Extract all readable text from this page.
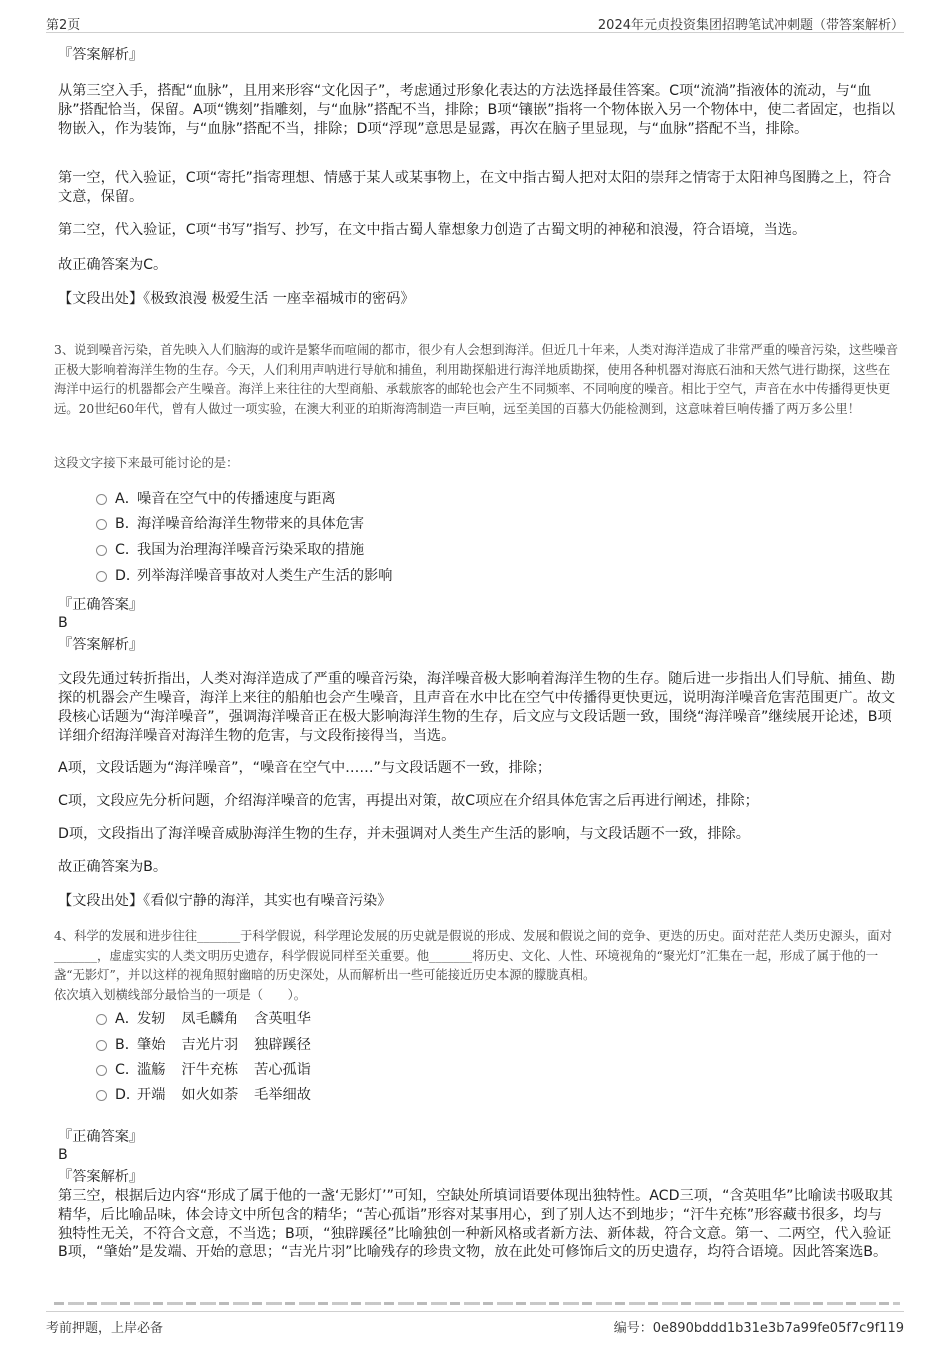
第2页	2024年元贞投资集团招聘笔试冲刺题（带答案解析）
『答案解析』
从第三空入手，搭配“血脉”，且用来形容“文化因子”，考虑通过形象化表达的方法选择最佳答案。C项“流淌”指液体的流动，与“血脉”搭配恰当，保留。A项“镌刻”指雕刻，与“血脉”搭配不当，排除；B项“镶嵌”指将一个物体嵌入另一个物体中，使二者固定，也指以物嵌入，作为装饰，与“血脉”搭配不当，排除；D项“浮现”意思是显露，再次在脑子里显现，与“血脉”搭配不当，排除。
第一空，代入验证，C项“寄托”指寄理想、情感于某人或某事物上，在文中指古蜀人把对太阳的崇拜之情寄于太阳神鸟图腾之上，符合文意，保留。
第二空，代入验证，C项“书写”指写、抄写，在文中指古蜀人靠想象力创造了古蜀文明的神秘和浪漫，符合语境，当选。
故正确答案为C。
【文段出处】《极致浪漫 极爱生活 一座幸福城市的密码》
3、说到噪音污染，首先映入人们脑海的或许是繁华而喧闹的都市，很少有人会想到海洋。但近几十年来，人类对海洋造成了非常严重的噪音污染，这些噪音正极大影响着海洋生物的生存。今天，人们利用声呐进行导航和捕鱼，利用勘探船进行海洋地质勘探，使用各种机器对海底石油和天然气进行勘探，这些在海洋中运行的机器都会产生噪音。海洋上来往往的大型商船、承载旅客的邮轮也会产生不同频率、不同响度的噪音。相比于空气，声音在水中传播得更快更远。20世纪60年代，曾有人做过一项实验，在澳大利亚的珀斯海湾制造一声巨响，远至美国的百慕大仍能检测到，这意味着巨响传播了两万多公里！
这段文字接下来最可能讨论的是：
A．噪音在空气中的传播速度与距离
B．海洋噪音给海洋生物带来的具体危害
C．我国为治理海洋噪音污染采取的措施
D．列举海洋噪音事故对人类生产生活的影响
『正确答案』
B
『答案解析』
文段先通过转折指出，人类对海洋造成了严重的噪音污染，海洋噪音极大影响着海洋生物的生存。随后进一步指出人们导航、捕鱼、勘探的机器会产生噪音，海洋上来往的船舶也会产生噪音，且声音在水中比在空气中传播得更快更远，说明海洋噪音危害范围更广。故文段核心话题为“海洋噪音”，强调海洋噪音正在极大影响海洋生物的生存，后文应与文段话题一致，围绕“海洋噪音”继续展开论述，B项详细介绍海洋噪音对海洋生物的危害，与文段衔接得当，当选。
A项，文段话题为“海洋噪音”，“噪音在空气中……”与文段话题不一致，排除；
C项，文段应先分析问题，介绍海洋噪音的危害，再提出对策，故C项应在介绍具体危害之后再进行阐述，排除；
D项，文段指出了海洋噪音威胁海洋生物的生存，并未强调对人类生产生活的影响，与文段话题不一致，排除。
故正确答案为B。
【文段出处】《看似宁静的海洋，其实也有噪音污染》
4、科学的发展和进步往往_______于科学假说，科学理论发展的历史就是假说的形成、发展和假说之间的竞争、更迭的历史。面对茫茫人类历史源头，面对_______，虚虚实实的人类文明历史遗存，科学假说同样至关重要。他_______将历史、文化、人性、环境视角的“聚光灯”汇集在一起，形成了属于他的一盏“无影灯”，并以这样的视角照射幽暗的历史深处，从而解析出一些可能接近历史本源的朦胧真相。
依次填入划横线部分最恰当的一项是（　　）。
A．发轫 凤毛麟角 含英咀华
B．肇始 吉光片羽 独辟蹊径
C．滥觞 汗牛充栋 苦心孤诣
D．开端 如火如荼 毛举细故
『正确答案』
B
『答案解析』
第三空，根据后边内容“形成了属于他的一盏‘无影灯’”可知，空缺处所填词语要体现出独特性。ACD三项，“含英咀华”比喻读书吸取其精华，后比喻品味，体会诗文中所包含的精华；“苦心孤诣”形容对某事用心，到了别人达不到地步；“汗牛充栋”形容藏书很多，均与独特性无关，不符合文意，不当选；B项，“独辟蹊径”比喻独创一种新风格或者新方法、新体裁，符合文意。第一、二两空，代入验证B项，“肇始”是发端、开始的意思；“吉光片羽”比喻残存的珍贵文物，放在此处可修饰后文的历史遗存，均符合语境。因此答案选B。
考前押题，上岸必备	编号：0e890bddd1b31e3b7a99fe05f7c9f119
